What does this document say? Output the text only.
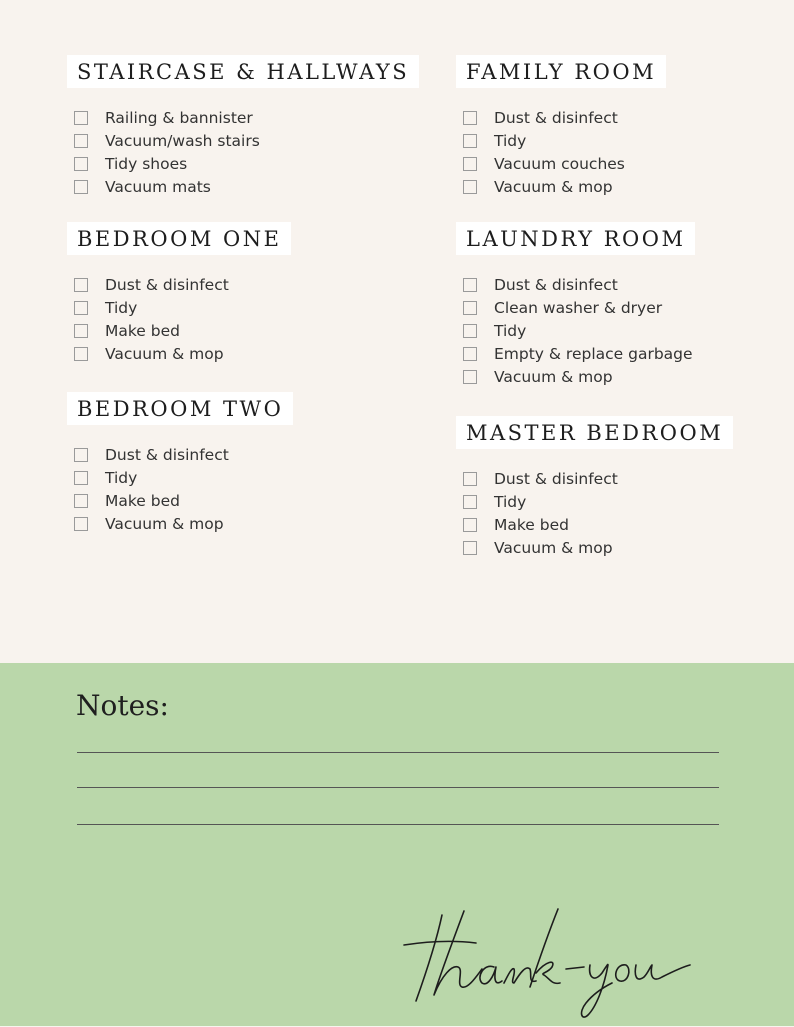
STAIRCASE & HALLWAYS
Railing & bannister
Vacuum/wash stairs
Tidy shoes
Vacuum mats
BEDROOM ONE
Dust & disinfect
Tidy
Make bed
Vacuum & mop
BEDROOM TWO
Dust & disinfect
Tidy
Make bed
Vacuum & mop
FAMILY ROOM
Dust & disinfect
Tidy
Vacuum couches
Vacuum & mop
LAUNDRY ROOM
Dust & disinfect
Clean washer & dryer
Tidy
Empty & replace garbage
Vacuum & mop
MASTER BEDROOM
Dust & disinfect
Tidy
Make bed
Vacuum & mop
Notes:
